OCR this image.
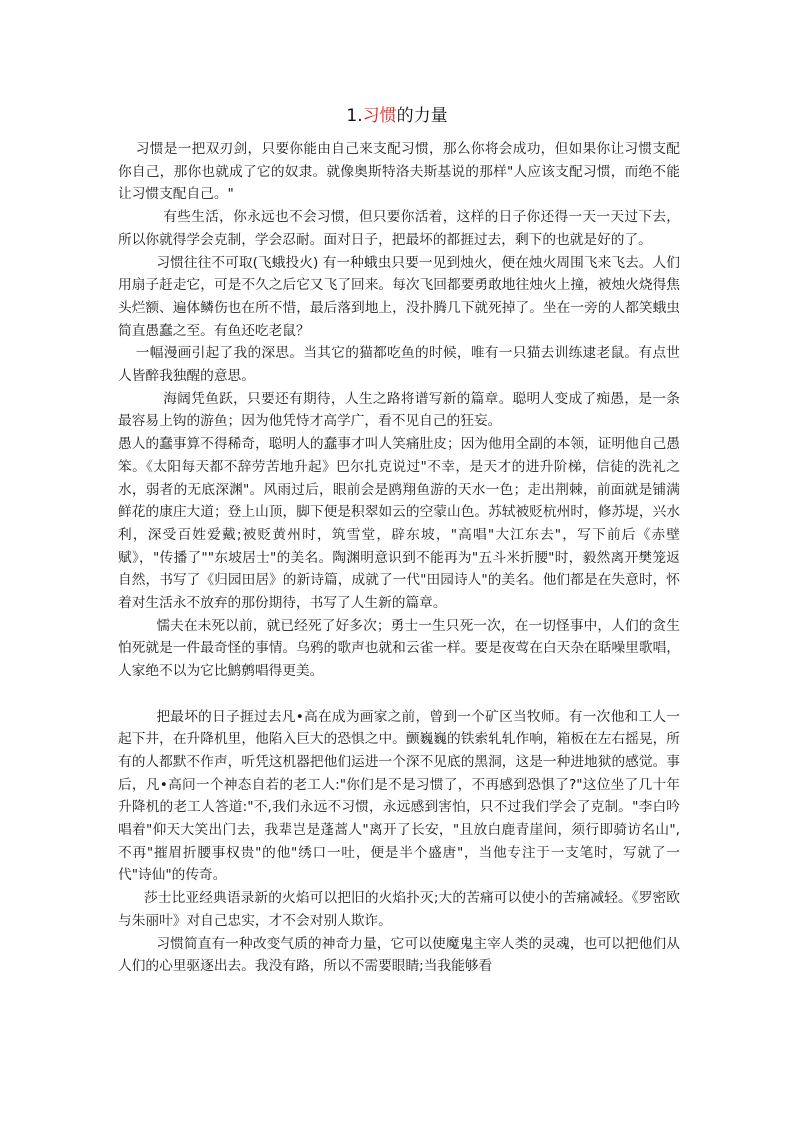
1.习惯的力量

习惯是一把双刃剑，只要你能由自己来支配习惯，那么你将会成功，但如果你让习惯支配你自己，那你也就成了它的奴隶。就像奥斯特洛夫斯基说的那样"人应该支配习惯，而绝不能让习惯支配自己。"

有些生活，你永远也不会习惯，但只要你活着，这样的日子你还得一天一天过下去，所以你就得学会克制，学会忍耐。面对日子，把最坏的都捱过去，剩下的也就是好的了。

习惯往往不可取(飞蛾投火) 有一种蛾虫只要一见到烛火，便在烛火周围飞来飞去。人们用扇子赶走它，可是不久之后它又飞了回来。每次飞回都要勇敢地往烛火上撞，被烛火烧得焦头烂额、遍体鳞伤也在所不惜，最后落到地上，没扑腾几下就死掉了。坐在一旁的人都笑蛾虫简直愚蠢之至。有鱼还吃老鼠？

一幅漫画引起了我的深思。当其它的猫都吃鱼的时候，唯有一只猫去训练逮老鼠。有点世人皆醉我独醒的意思。

海阔凭鱼跃，只要还有期待，人生之路将谱写新的篇章。聪明人变成了痴愚，是一条最容易上钩的游鱼；因为他凭恃才高学广，看不见自己的狂妄。

愚人的蠢事算不得稀奇，聪明人的蠢事才叫人笑痛肚皮；因为他用全副的本领，证明他自己愚笨。《太阳每天都不辞劳苦地升起》巴尔扎克说过"不幸，是天才的进升阶梯，信徒的洗礼之水，弱者的无底深渊"。风雨过后，眼前会是鸥翔鱼游的天水一色；走出荆棘，前面就是铺满鲜花的康庄大道；登上山顶，脚下便是积翠如云的空蒙山色。苏轼被贬杭州时，修苏堤，兴水利，深受百姓爱戴;被贬黄州时，筑雪堂，辟东坡，"高唱"大江东去"，写下前后《赤壁赋》，"传播了""东坡居士"的美名。陶渊明意识到不能再为"五斗米折腰"时，毅然离开樊笼返自然，书写了《归园田居》的新诗篇，成就了一代"田园诗人"的美名。他们都是在失意时，怀着对生活永不放弃的那份期待，书写了人生新的篇章。

懦夫在未死以前，就已经死了好多次；勇士一生只死一次，在一切怪事中，人们的贪生怕死就是一件最奇怪的事情。乌鸦的歌声也就和云雀一样。要是夜莺在白天杂在聒噪里歌唱，人家绝不以为它比鹪鹩唱得更美。

把最坏的日子捱过去凡•高在成为画家之前，曾到一个矿区当牧师。有一次他和工人一起下井，在升降机里，他陷入巨大的恐惧之中。颤巍巍的铁索轧轧作响，箱板在左右摇晃，所有的人都默不作声，听凭这机器把他们运进一个深不见底的黑洞，这是一种进地狱的感觉。事后，凡•高问一个神态自若的老工人:"你们是不是习惯了，不再感到恐惧了?"这位坐了几十年升降机的老工人答道:"不,我们永远不习惯，永远感到害怕，只不过我们学会了克制。"李白吟唱着"仰天大笑出门去，我辈岂是蓬蒿人"离开了长安，"且放白鹿青崖间，须行即骑访名山",不再"摧眉折腰事权贵"的他"绣口一吐，便是半个盛唐"，当他专注于一支笔时，写就了一代"诗仙"的传奇。

莎士比亚经典语录新的火焰可以把旧的火焰扑灭;大的苦痛可以使小的苦痛减轻。《罗密欧与朱丽叶》对自己忠实，才不会对别人欺诈。

习惯简直有一种改变气质的神奇力量，它可以使魔鬼主宰人类的灵魂，也可以把他们从人们的心里驱逐出去。我没有路，所以不需要眼睛;当我能够看
